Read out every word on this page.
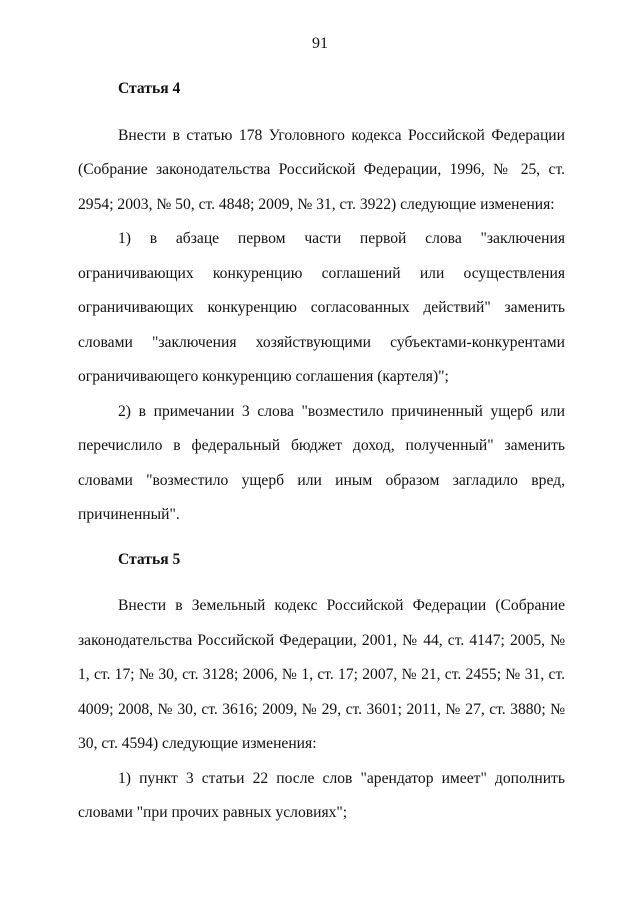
91
Статья 4

Внести в статью 178 Уголовного кодекса Российской Федерации (Собрание законодательства Российской Федерации, 1996, № 25, ст. 2954; 2003, № 50, ст. 4848; 2009, № 31, ст. 3922) следующие изменения:

1) в абзаце первом части первой слова "заключения ограничивающих конкуренцию соглашений или осуществления ограничивающих конкуренцию согласованных действий" заменить словами "заключения хозяйствующими субъектами-конкурентами ограничивающего конкуренцию соглашения (картеля)";

2) в примечании 3 слова "возместило причиненный ущерб или перечислило в федеральный бюджет доход, полученный" заменить словами "возместило ущерб или иным образом загладило вред, причиненный".

Статья 5

Внести в Земельный кодекс Российской Федерации (Собрание законодательства Российской Федерации, 2001, № 44, ст. 4147; 2005, № 1, ст. 17; № 30, ст. 3128; 2006, № 1, ст. 17; 2007, № 21, ст. 2455; № 31, ст. 4009; 2008, № 30, ст. 3616; 2009, № 29, ст. 3601; 2011, № 27, ст. 3880; № 30, ст. 4594) следующие изменения:

1) пункт 3 статьи 22 после слов "арендатор имеет" дополнить словами "при прочих равных условиях";
